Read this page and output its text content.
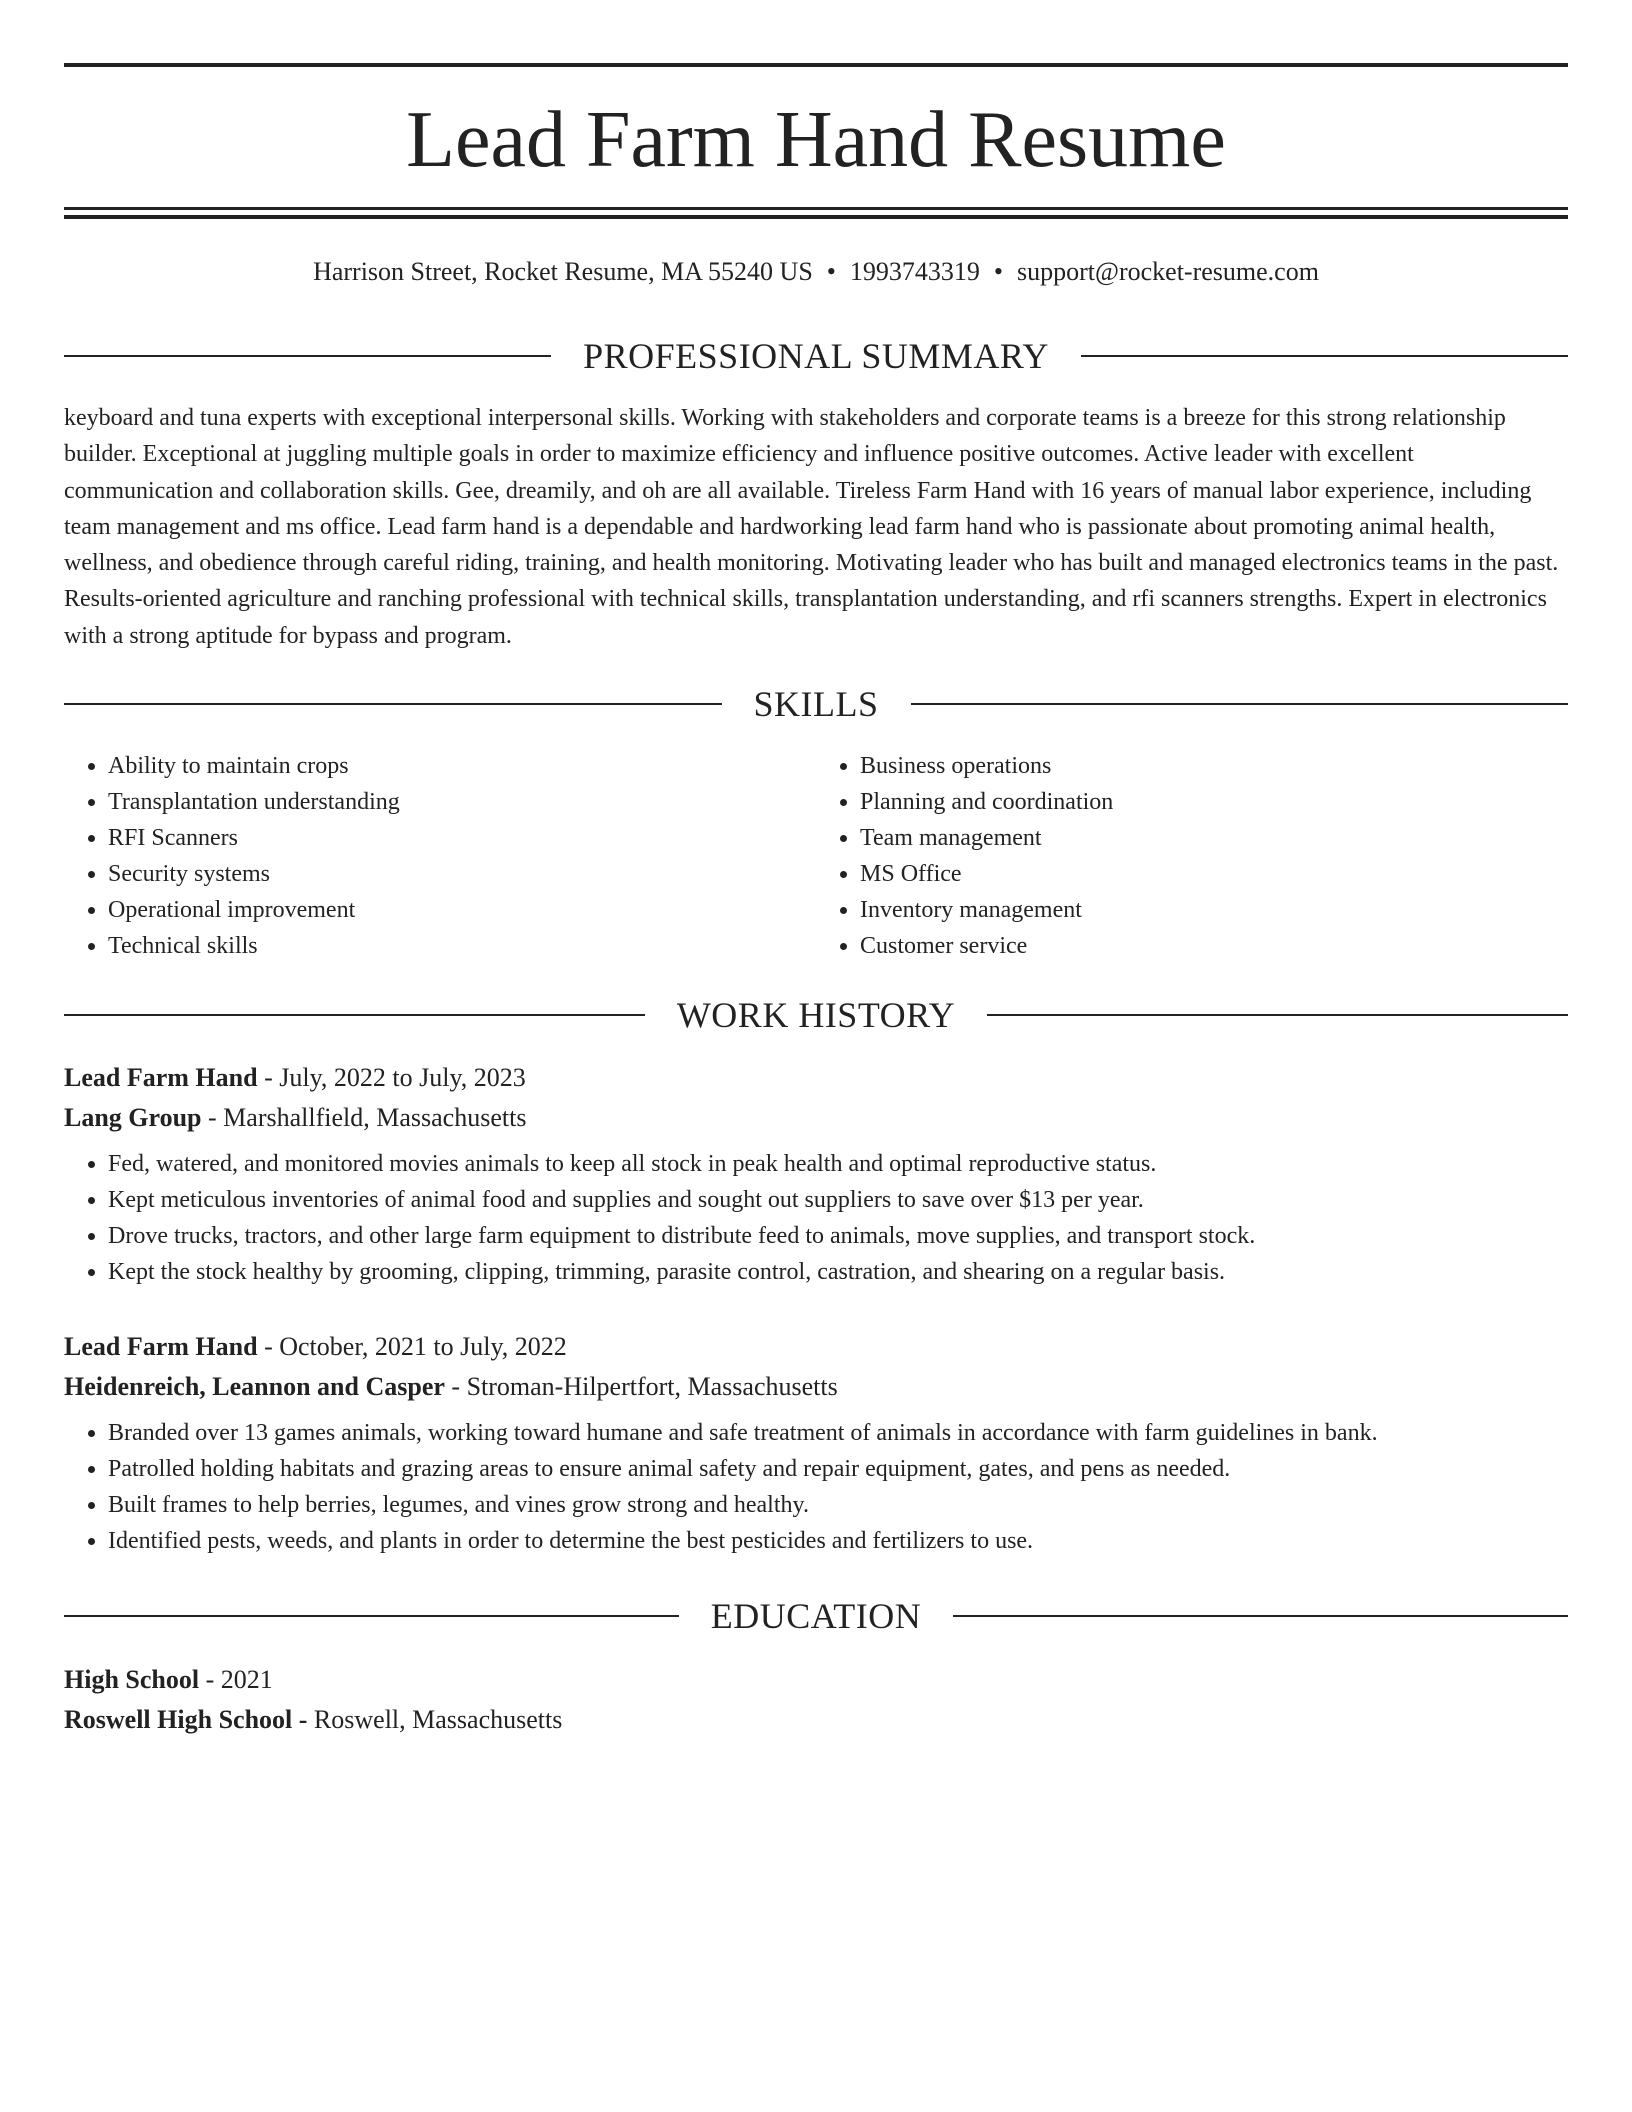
Lead Farm Hand Resume
Harrison Street, Rocket Resume, MA 55240 US • 1993743319 • support@rocket-resume.com
PROFESSIONAL SUMMARY

keyboard and tuna experts with exceptional interpersonal skills. Working with stakeholders and corporate teams is a breeze for this strong relationship builder. Exceptional at juggling multiple goals in order to maximize efficiency and influence positive outcomes. Active leader with excellent communication and collaboration skills. Gee, dreamily, and oh are all available. Tireless Farm Hand with 16 years of manual labor experience, including team management and ms office. Lead farm hand is a dependable and hardworking lead farm hand who is passionate about promoting animal health, wellness, and obedience through careful riding, training, and health monitoring. Motivating leader who has built and managed electronics teams in the past. Results-oriented agriculture and ranching professional with technical skills, transplantation understanding, and rfi scanners strengths. Expert in electronics with a strong aptitude for bypass and program.

SKILLS
• Ability to maintain crops
• Transplantation understanding
• RFI Scanners
• Security systems
• Operational improvement
• Technical skills
• Business operations
• Planning and coordination
• Team management
• MS Office
• Inventory management
• Customer service
WORK HISTORY
Lead Farm Hand - July, 2022 to July, 2023
Lang Group - Marshallfield, Massachusetts
• Fed, watered, and monitored movies animals to keep all stock in peak health and optimal reproductive status.
• Kept meticulous inventories of animal food and supplies and sought out suppliers to save over $13 per year.
• Drove trucks, tractors, and other large farm equipment to distribute feed to animals, move supplies, and transport stock.
• Kept the stock healthy by grooming, clipping, trimming, parasite control, castration, and shearing on a regular basis.
Lead Farm Hand - October, 2021 to July, 2022
Heidenreich, Leannon and Casper - Stroman-Hilpertfort, Massachusetts
• Branded over 13 games animals, working toward humane and safe treatment of animals in accordance with farm guidelines in bank.
• Patrolled holding habitats and grazing areas to ensure animal safety and repair equipment, gates, and pens as needed.
• Built frames to help berries, legumes, and vines grow strong and healthy.
• Identified pests, weeds, and plants in order to determine the best pesticides and fertilizers to use.
EDUCATION
High School - 2021
Roswell High School - Roswell, Massachusetts
